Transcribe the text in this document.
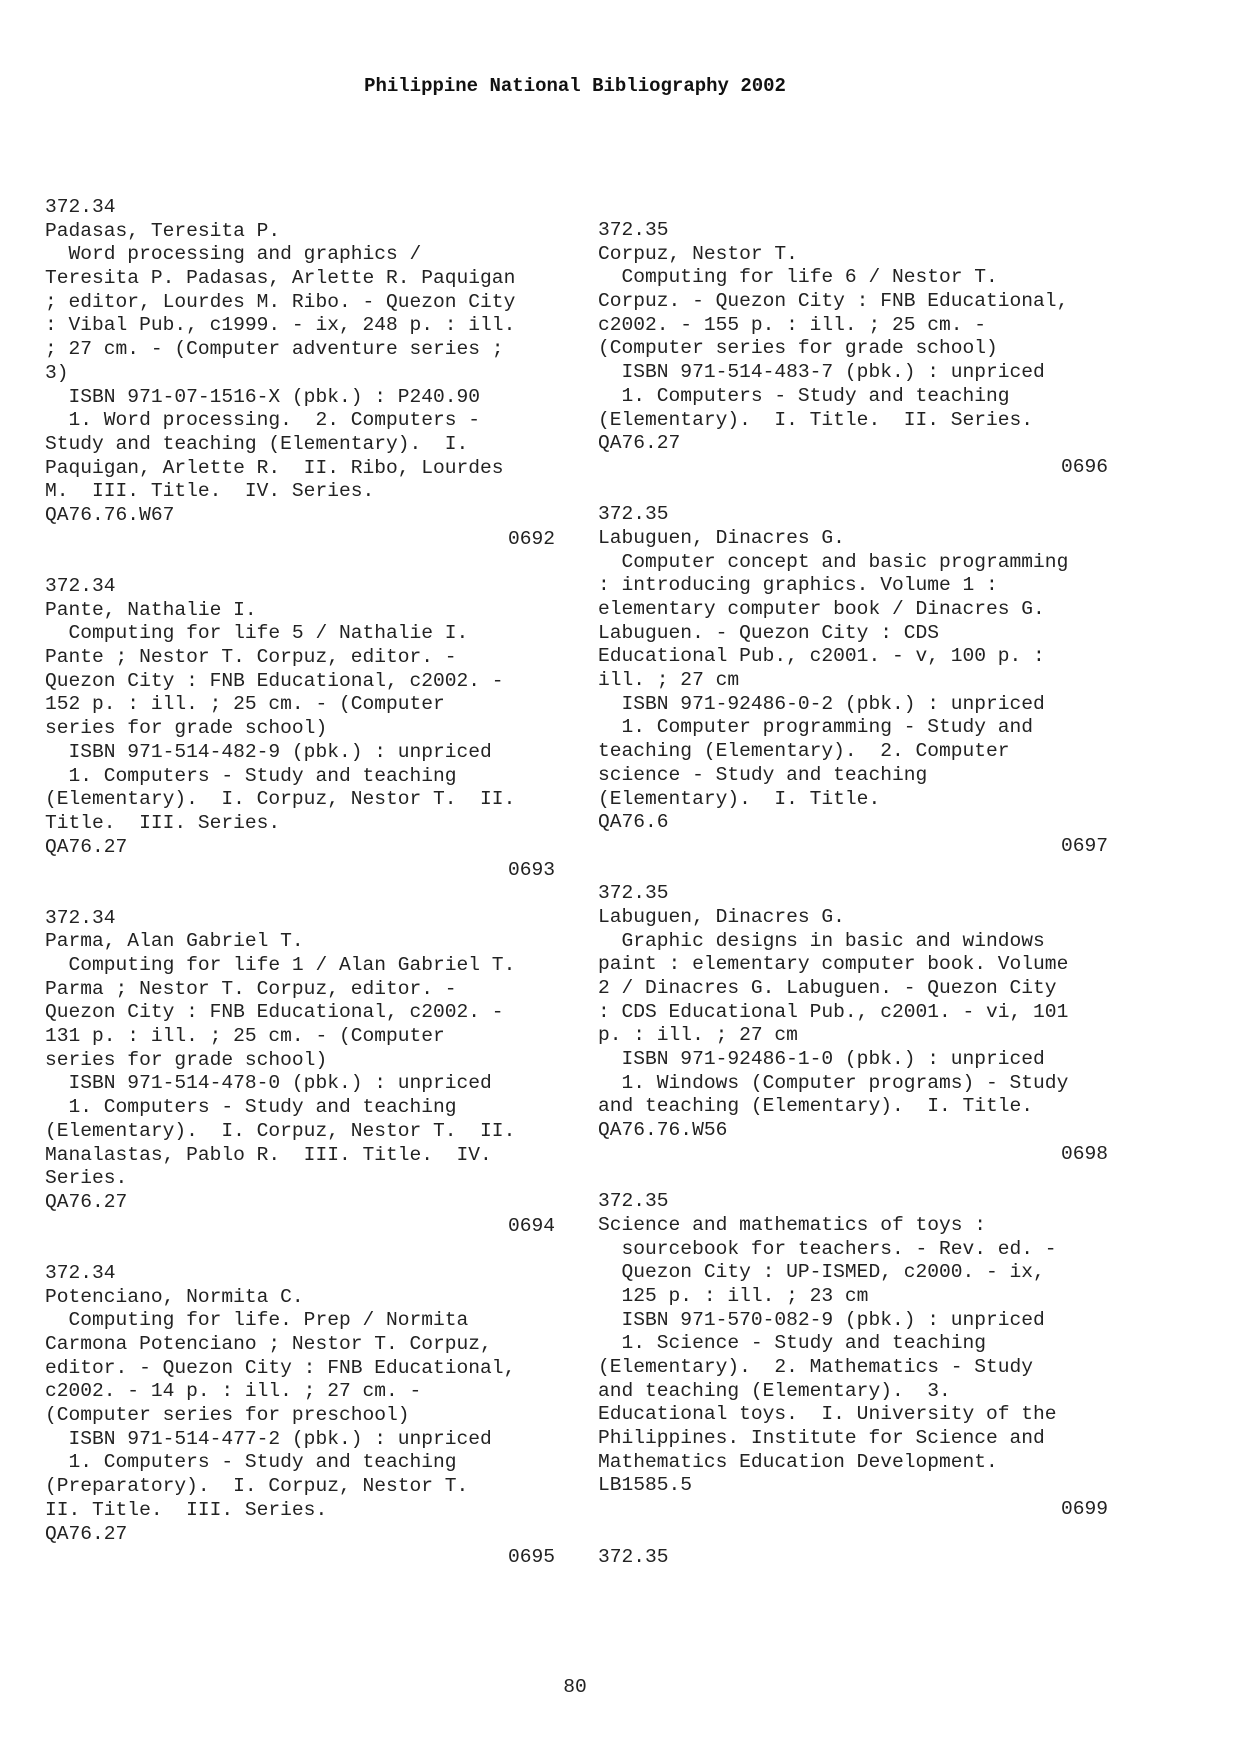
Philippine National Bibliography 2002
372.34
Padasas, Teresita P.
Word processing and graphics /
Teresita P. Padasas, Arlette R. Paquigan
; editor, Lourdes M. Ribo. - Quezon City
: Vibal Pub., c1999. - ix, 248 p. : ill.
; 27 cm. - (Computer adventure series ;
3)
ISBN 971-07-1516-X (pbk.) : P240.90
1. Word processing.  2. Computers -
Study and teaching (Elementary).  I.
Paquigan, Arlette R.  II. Ribo, Lourdes
M.  III. Title.  IV. Series.
QA76.76.W67
0692
372.34
Pante, Nathalie I.
Computing for life 5 / Nathalie I.
Pante ; Nestor T. Corpuz, editor. -
Quezon City : FNB Educational, c2002. -
152 p. : ill. ; 25 cm. - (Computer
series for grade school)
ISBN 971-514-482-9 (pbk.) : unpriced
1. Computers - Study and teaching
(Elementary).  I. Corpuz, Nestor T.  II.
Title.  III. Series.
QA76.27
0693
372.34
Parma, Alan Gabriel T.
Computing for life 1 / Alan Gabriel T.
Parma ; Nestor T. Corpuz, editor. -
Quezon City : FNB Educational, c2002. -
131 p. : ill. ; 25 cm. - (Computer
series for grade school)
ISBN 971-514-478-0 (pbk.) : unpriced
1. Computers - Study and teaching
(Elementary).  I. Corpuz, Nestor T.  II.
Manalastas, Pablo R.  III. Title.  IV.
Series.
QA76.27
0694
372.34
Potenciano, Normita C.
Computing for life. Prep / Normita
Carmona Potenciano ; Nestor T. Corpuz,
editor. - Quezon City : FNB Educational,
c2002. - 14 p. : ill. ; 27 cm. -
(Computer series for preschool)
ISBN 971-514-477-2 (pbk.) : unpriced
1. Computers - Study and teaching
(Preparatory).  I. Corpuz, Nestor T.
II. Title.  III. Series.
QA76.27
0695
372.35
Corpuz, Nestor T.
Computing for life 6 / Nestor T.
Corpuz. - Quezon City : FNB Educational,
c2002. - 155 p. : ill. ; 25 cm. -
(Computer series for grade school)
ISBN 971-514-483-7 (pbk.) : unpriced
1. Computers - Study and teaching
(Elementary).  I. Title.  II. Series.
QA76.27
0696
372.35
Labuguen, Dinacres G.
Computer concept and basic programming
: introducing graphics. Volume 1 :
elementary computer book / Dinacres G.
Labuguen. - Quezon City : CDS
Educational Pub., c2001. - v, 100 p. :
ill. ; 27 cm
ISBN 971-92486-0-2 (pbk.) : unpriced
1. Computer programming - Study and
teaching (Elementary).  2. Computer
science - Study and teaching
(Elementary).  I. Title.
QA76.6
0697
372.35
Labuguen, Dinacres G.
Graphic designs in basic and windows
paint : elementary computer book. Volume
2 / Dinacres G. Labuguen. - Quezon City
: CDS Educational Pub., c2001. - vi, 101
p. : ill. ; 27 cm
ISBN 971-92486-1-0 (pbk.) : unpriced
1. Windows (Computer programs) - Study
and teaching (Elementary).  I. Title.
QA76.76.W56
0698
372.35
Science and mathematics of toys :
sourcebook for teachers. - Rev. ed. -
Quezon City : UP-ISMED, c2000. - ix,
125 p. : ill. ; 23 cm
ISBN 971-570-082-9 (pbk.) : unpriced
1. Science - Study and teaching
(Elementary).  2. Mathematics - Study
and teaching (Elementary).  3.
Educational toys.  I. University of the
Philippines. Institute for Science and
Mathematics Education Development.
LB1585.5
0699
372.35
80
